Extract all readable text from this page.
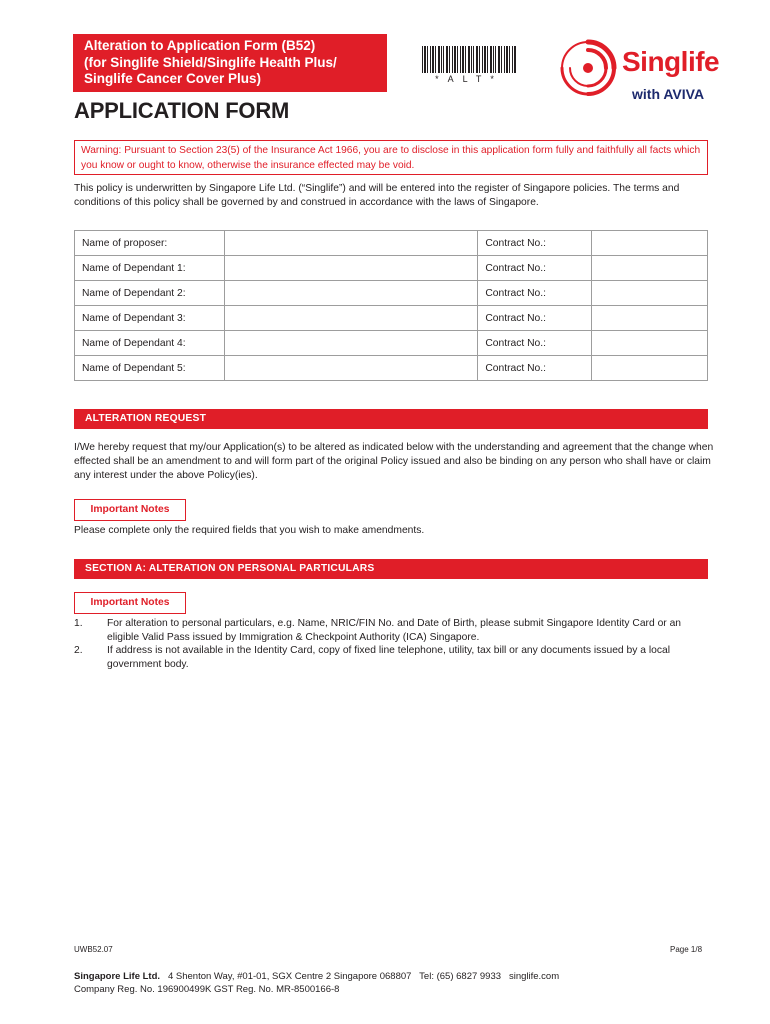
Alteration to Application Form (B52)
(for Singlife Shield/Singlife Health Plus/
Singlife Cancer Cover Plus)	*ALT*
Singlife
with AVIVA
APPLICATION FORM
Warning: Pursuant to Section 23(5) of the Insurance Act 1966, you are to disclose in this application form fully and faithfully all facts which you know or ought to know, otherwise the insurance effected may be void.
This policy is underwritten by Singapore Life Ltd. (“Singlife”) and will be entered into the register of Singapore policies. The terms and conditions of this policy shall be governed by and construed in accordance with the laws of Singapore.
Name of proposer:		Contract No.:	
Name of Dependant 1:		Contract No.:	
Name of Dependant 2:		Contract No.:	
Name of Dependant 3:		Contract No.:	
Name of Dependant 4:		Contract No.:	
Name of Dependant 5:		Contract No.:	
ALTERATION REQUEST
I/We hereby request that my/our Application(s) to be altered as indicated below with the understanding and agreement that the change when effected shall be an amendment to and will form part of the original Policy issued and also be binding on any person who shall have or claim any interest under the above Policy(ies).
Important Notes
Please complete only the required fields that you wish to make amendments.
SECTION A: ALTERATION ON PERSONAL PARTICULARS
Important Notes
1.	For alteration to personal particulars, e.g. Name, NRIC/FIN No. and Date of Birth, please submit Singapore Identity Card or an eligible Valid Pass issued by Immigration & Checkpoint Authority (ICA) Singapore.
2.	If address is not available in the Identity Card, copy of fixed line telephone, utility, tax bill or any documents issued by a local government body.
UWB52.07	Page 1/8
Singapore Life Ltd. 4 Shenton Way, #01-01, SGX Centre 2 Singapore 068807 Tel: (65) 6827 9933 singlife.com
Company Reg. No. 196900499K GST Reg. No. MR-8500166-8
